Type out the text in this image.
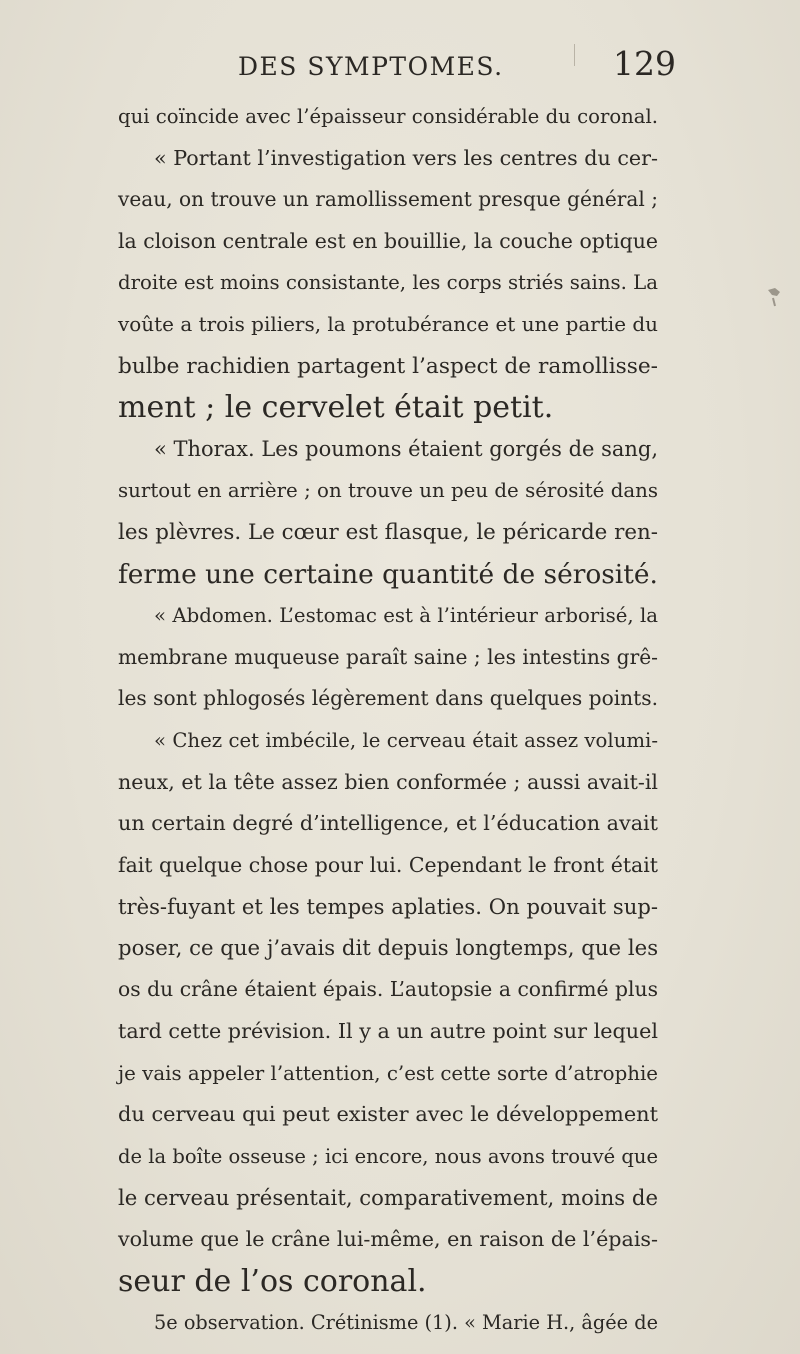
DES SYMPTOMES.	129
qui coïncide avec l’épaisseur considérable du coronal.
« Portant l’investigation vers les centres du cer-
veau, on trouve un ramollissement presque général ;
la cloison centrale est en bouillie, la couche optique
droite est moins consistante, les corps striés sains. La
voûte a trois piliers, la protubérance et une partie du
bulbe rachidien partagent l’aspect de ramollisse-
ment ; le cervelet était petit.
« Thorax. Les poumons étaient gorgés de sang,
surtout en arrière ; on trouve un peu de sérosité dans
les plèvres. Le cœur est flasque, le péricarde ren-
ferme une certaine quantité de sérosité.
« Abdomen. L’estomac est à l’intérieur arborisé, la
membrane muqueuse paraît saine ; les intestins grê-
les sont phlogosés légèrement dans quelques points.
« Chez cet imbécile, le cerveau était assez volumi-
neux, et la tête assez bien conformée ; aussi avait-il
un certain degré d’intelligence, et l’éducation avait
fait quelque chose pour lui. Cependant le front était
très-fuyant et les tempes aplaties. On pouvait sup-
poser, ce que j’avais dit depuis longtemps, que les
os du crâne étaient épais. L’autopsie a confirmé plus
tard cette prévision. Il y a un autre point sur lequel
je vais appeler l’attention, c’est cette sorte d’atrophie
du cerveau qui peut exister avec le développement
de la boîte osseuse ; ici encore, nous avons trouvé que
le cerveau présentait, comparativement, moins de
volume que le crâne lui-même, en raison de l’épais-
seur de l’os coronal.
5e observation. Crétinisme (1). « Marie H., âgée de
